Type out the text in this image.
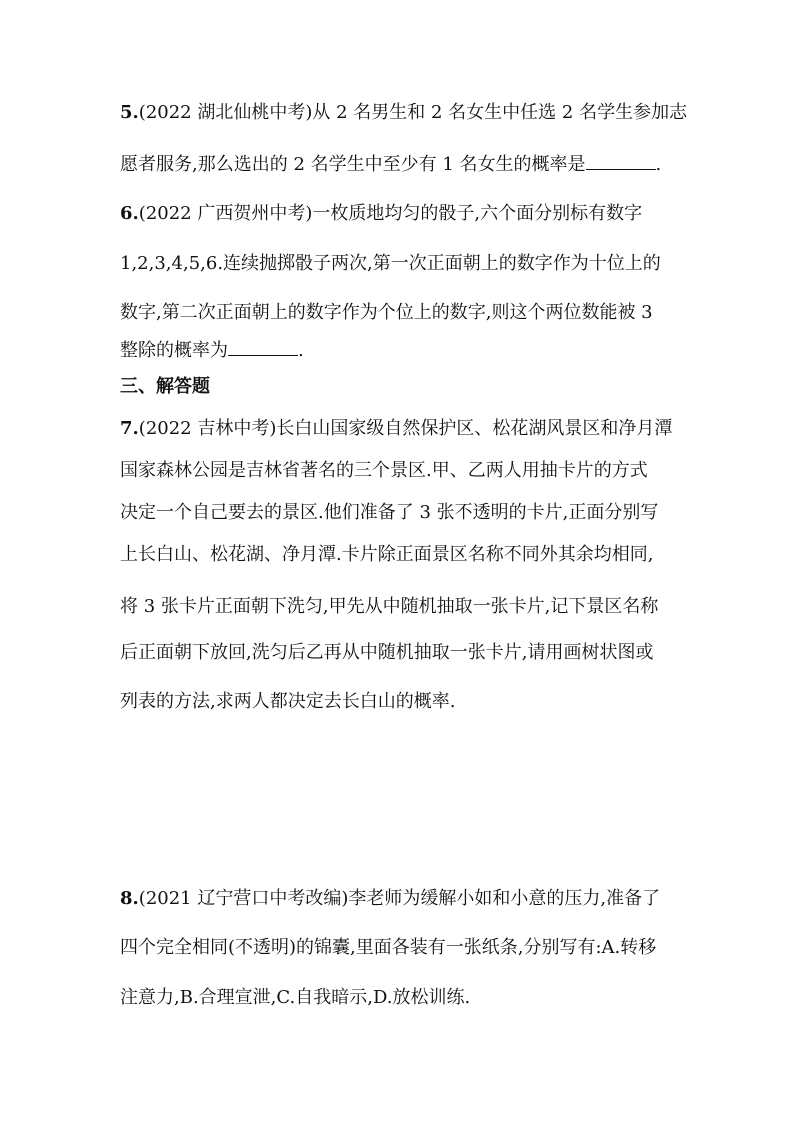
5.(2022 湖北仙桃中考)从 2 名男生和 2 名女生中任选 2 名学生参加志
愿者服务,那么选出的 2 名学生中至少有 1 名女生的概率是	.
6.(2022 广西贺州中考)一枚质地均匀的骰子,六个面分别标有数字
1,2,3,4,5,6.连续抛掷骰子两次,第一次正面朝上的数字作为十位上的
数字,第二次正面朝上的数字作为个位上的数字,则这个两位数能被 3
整除的概率为	.
三、解答题
7.(2022 吉林中考)长白山国家级自然保护区、松花湖风景区和净月潭
国家森林公园是吉林省著名的三个景区.甲、乙两人用抽卡片的方式
决定一个自己要去的景区.他们准备了 3 张不透明的卡片,正面分别写
上长白山、松花湖、净月潭.卡片除正面景区名称不同外其余均相同,
将 3 张卡片正面朝下洗匀,甲先从中随机抽取一张卡片,记下景区名称
后正面朝下放回,洗匀后乙再从中随机抽取一张卡片,请用画树状图或
列表的方法,求两人都决定去长白山的概率.
8.(2021 辽宁营口中考改编)李老师为缓解小如和小意的压力,准备了
四个完全相同(不透明)的锦囊,里面各装有一张纸条,分别写有:A.转移
注意力,B.合理宣泄,C.自我暗示,D.放松训练.
